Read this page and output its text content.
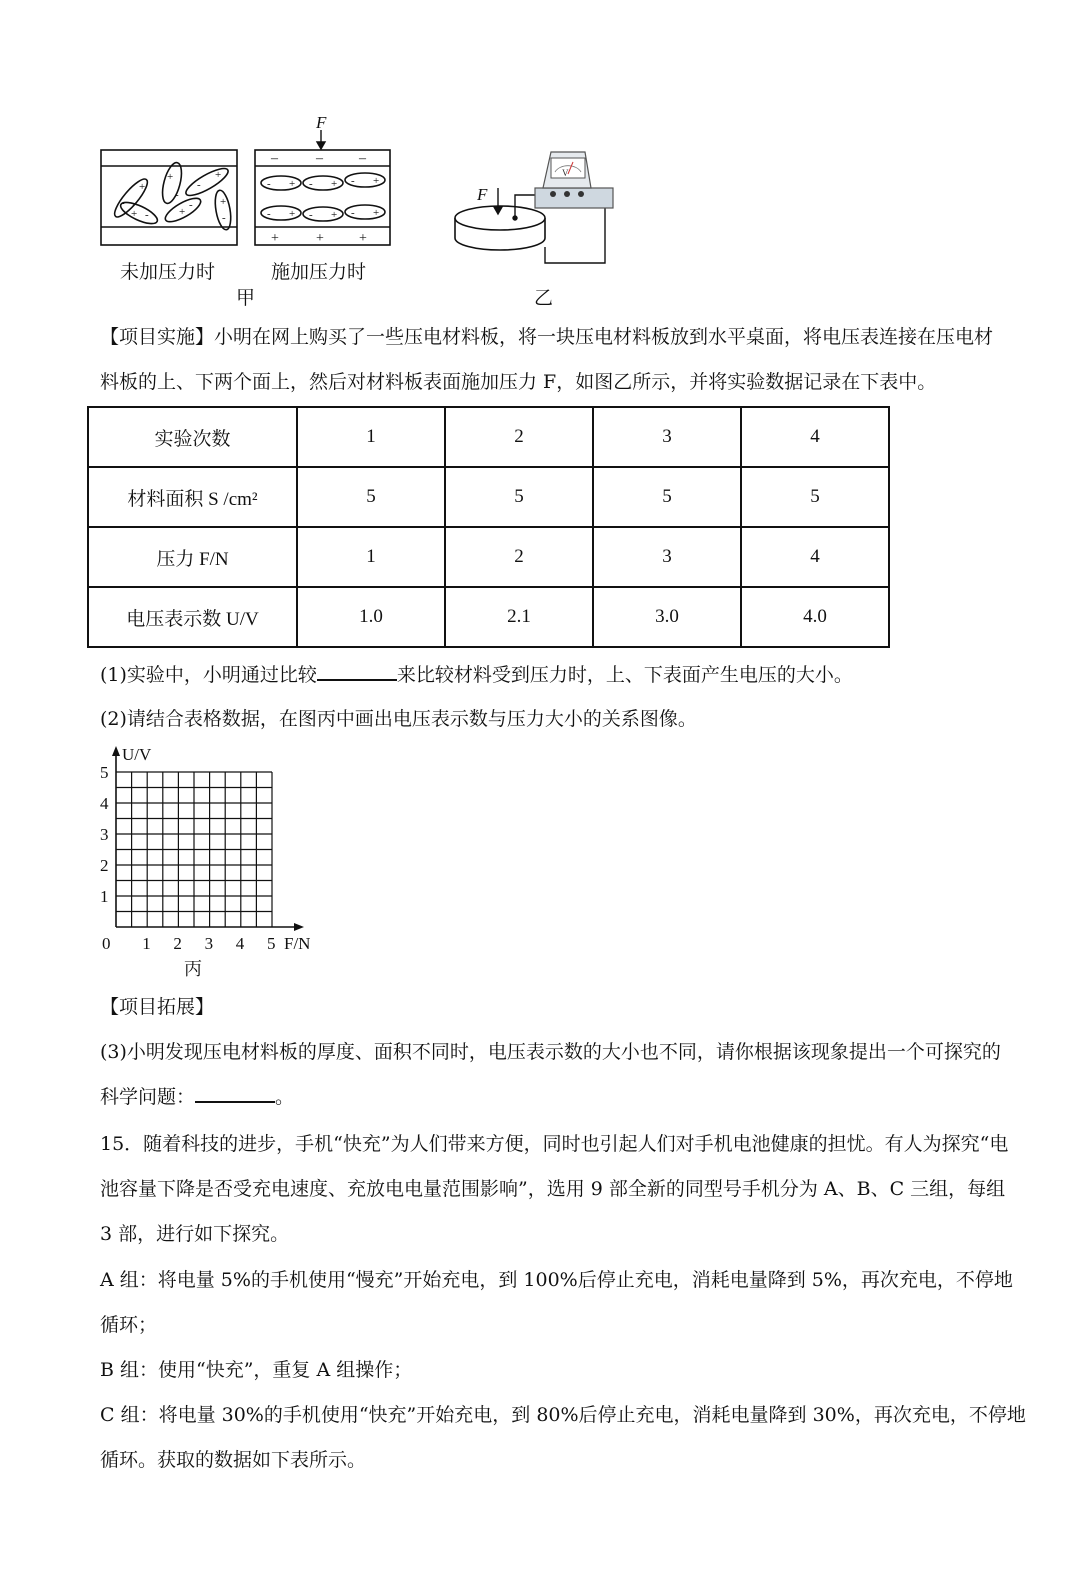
-
+
+
-
-
+
+ -	+
- +
-
- + - + - +
- + - + - +
–	–	–
+	+	+
F
F
V
未加压力时	施加压力时
甲	乙
【项目实施】小明在网上购买了一些压电材料板，将一块压电材料板放到水平桌面，将电压表连接在压电材
料板的上、下两个面上，然后对材料板表面施加压力 F，如图乙所示，并将实验数据记录在下表中。
实验次数	1	2	3	4
材料面积 S /cm²	5	5	5	5
压力 F/N	1	2	3	4
电压表示数 U/V	1.0	2.1	3.0	4.0
(1)实验中，小明通过比较	来比较材料受到压力时，上、下表面产生电压的大小。
(2)请结合表格数据，在图丙中画出电压表示数与压力大小的关系图像。
0 1 2 3 4 5
1
2
3
4
5
U/V
F/N
丙
【项目拓展】
(3)小明发现压电材料板的厚度、面积不同时，电压表示数的大小也不同，请你根据该现象提出一个可探究的
科学问题：	。
15．随着科技的进步，手机“快充”为人们带来方便，同时也引起人们对手机电池健康的担忧。有人为探究“电
池容量下降是否受充电速度、充放电电量范围影响”，选用 9 部全新的同型号手机分为 A、B、C 三组，每组
3 部，进行如下探究。
A 组：将电量 5%的手机使用“慢充”开始充电，到 100%后停止充电，消耗电量降到 5%，再次充电，不停地
循环；
B 组：使用“快充”，重复 A 组操作；
C 组：将电量 30%的手机使用“快充”开始充电，到 80%后停止充电，消耗电量降到 30%，再次充电，不停地
循环。获取的数据如下表所示。
